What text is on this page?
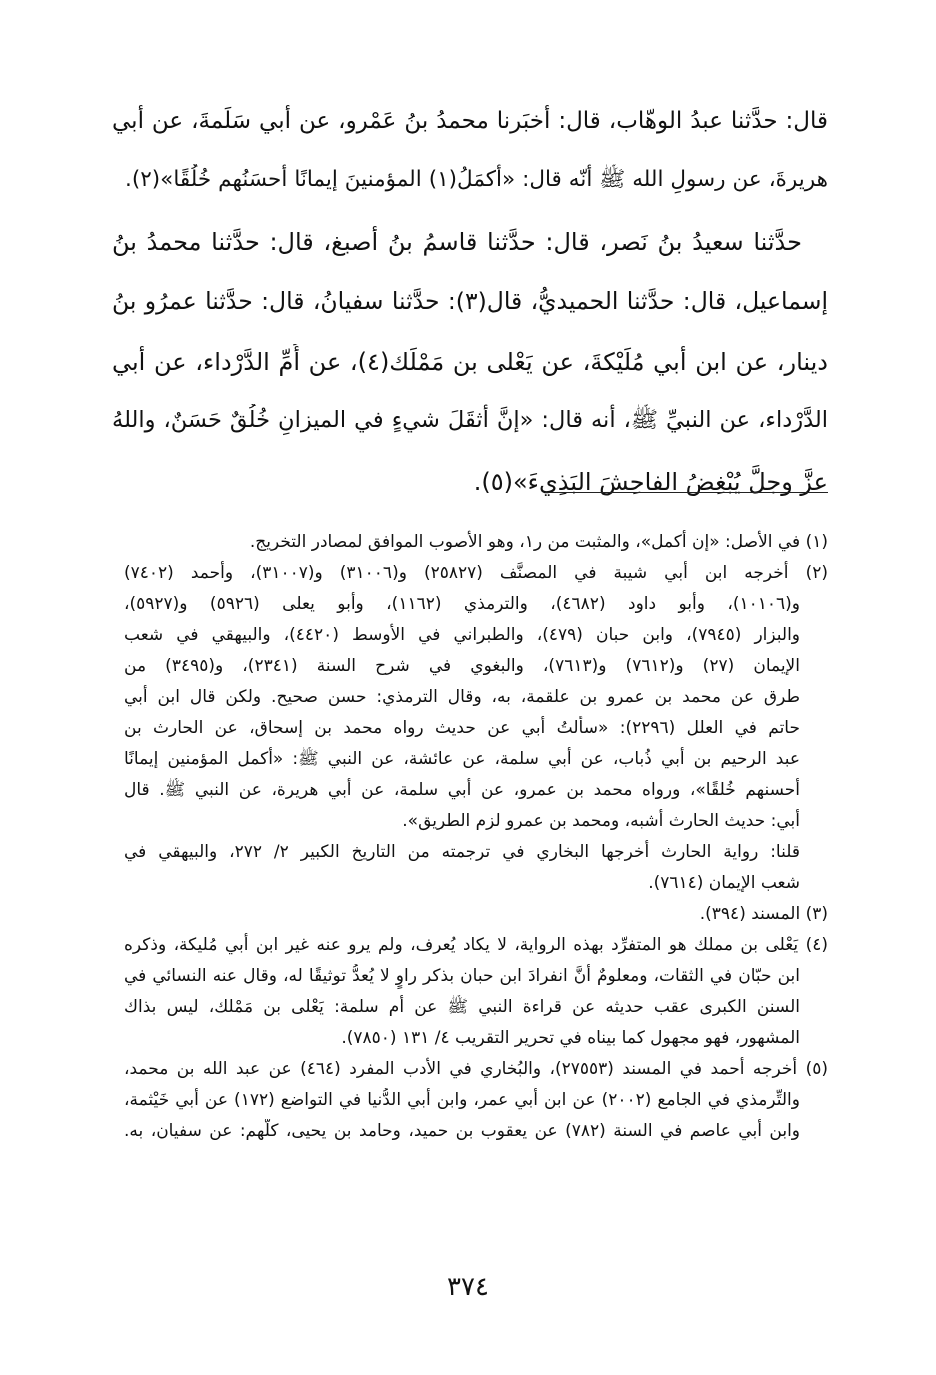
قال: حدَّثنا عبدُ الوهّاب، قال: أخبَرنا محمدُ بنُ عَمْرو، عن أبي سَلَمةَ، عن أبي
هريرةَ، عن رسولِ الله ﷺ أنّه قال: «أكمَلُ(١) المؤمنينَ إيمانًا أحسَنُهم خُلُقًا»(٢).
حدَّثنا سعيدُ بنُ نَصر، قال: حدَّثنا قاسمُ بنُ أصبغ، قال: حدَّثنا محمدُ بنُ
إسماعيل، قال: حدَّثنا الحميديُّ، قال(٣): حدَّثنا سفيانُ، قال: حدَّثنا عمرُو بنُ
دينار، عن ابن أبي مُلَيْكةَ، عن يَعْلى بن مَمْلَك(٤)، عن أُمِّ الدَّرْداء، عن أبي
الدَّرْداء، عن النبيِّ ﷺ، أنه قال: «إنَّ أثقَلَ شيءٍ في الميزانِ خُلُقٌ حَسَنٌ، واللهُ
عزَّ وجلَّ يُبْغِضُ الفاحِشَ البَذِيءَ»(٥).
(١) في الأصل: «إن أكمل»، والمثبت من ر١، وهو الأصوب الموافق لمصادر التخريج.
(٢) أخرجه ابن أبي شيبة في المصنَّف (٢٥٨٢٧) و(٣١٠٠٦) و(٣١٠٠٧)، وأحمد (٧٤٠٢)
و(١٠١٠٦)، وأبو داود (٤٦٨٢)، والترمذي (١١٦٢)، وأبو يعلى (٥٩٢٦) و(٥٩٢٧)،
والبزار (٧٩٤٥)، وابن حبان (٤٧٩)، والطبراني في الأوسط (٤٤٢٠)، والبيهقي في شعب
الإيمان (٢٧) و(٧٦١٢) و(٧٦١٣)، والبغوي في شرح السنة (٢٣٤١)، و(٣٤٩٥) من
طرق عن محمد بن عمرو بن علقمة، به، وقال الترمذي: حسن صحيح. ولكن قال ابن أبي
حاتم في العلل (٢٢٩٦): «سألتُ أبي عن حديث رواه محمد بن إسحاق، عن الحارث بن
عبد الرحيم بن أبي ذُباب، عن أبي سلمة، عن عائشة، عن النبي ﷺ: «أكمل المؤمنين إيمانًا
أحسنهم خُلقًا»، ورواه محمد بن عمرو، عن أبي سلمة، عن أبي هريرة، عن النبي ﷺ. قال
أبي: حديث الحارث أشبه، ومحمد بن عمرو لزم الطريق».
قلنا: رواية الحارث أخرجها البخاري في ترجمته من التاريخ الكبير ٢/ ٢٧٢، والبيهقي في
شعب الإيمان (٧٦١٤).
(٣) المسند (٣٩٤).
(٤) يَعْلى بن مملك هو المتفرِّد بهذه الرواية، لا يكاد يُعرف، ولم يرو عنه غير ابن أبي مُليكة، وذكره
ابن حبّان في الثقات، ومعلومٌ أنَّ انفرادَ ابن حبان بذكر راوٍ لا يُعدُّ توثيقًا له، وقال عنه النسائي في
السنن الكبرى عقب حديثه عن قراءة النبي ﷺ عن أم سلمة: يَعْلى بن مَمْلك، ليس بذاك
المشهور، فهو مجهول كما بيناه في تحرير التقريب ٤/ ١٣١ (٧٨٥٠).
(٥) أخرجه أحمد في المسند (٢٧٥٥٣)، والبُخاري في الأدب المفرد (٤٦٤) عن عبد الله بن محمد،
والتِّرمذي في الجامع (٢٠٠٢) عن ابن أبي عمر، وابن أبي الدُّنيا في التواضع (١٧٢) عن أبي خَيْثمة،
وابن أبي عاصم في السنة (٧٨٢) عن يعقوب بن حميد، وحامد بن يحيى، كلُّهم: عن سفيان، به.
٣٧٤
